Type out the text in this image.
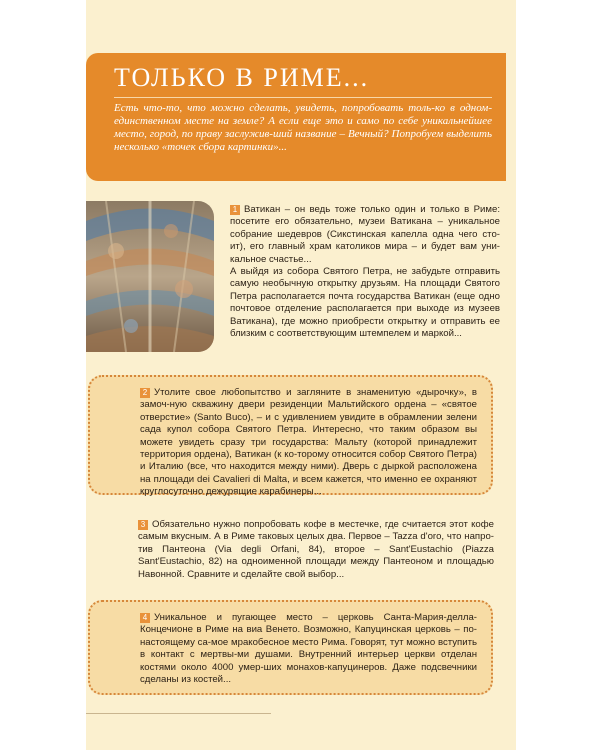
ТОЛЬКО В РИМЕ...

Есть что-то, что можно сделать, увидеть, попробовать толь-ко в одном-единственном месте на земле? А если еще это и само по себе уникальнейшее место, город, по праву заслужив-ший название – Вечный? Попробуем выделить несколько «точек сбора картинки»...

1 Ватикан – он ведь тоже только один и только в Риме: посетите его обязательно, музеи Ватикана – уникальное собрание шедевров (Сикстинская капелла одна чего сто-ит), его главный храм католиков мира – и будет вам уни-кальное счастье...

А выйдя из собора Святого Петра, не забудьте отправить самую необычную открытку друзьям. На площади Святого Петра располагается почта государства Ватикан (еще одно почтовое отделение располагается при выходе из музеев Ватикана), где можно приобрести открытку и отправить ее близким с соответствующим штемпелем и маркой...

2 Утолите свое любопытство и загляните в знаменитую «дырочку», в замоч-ную скважину двери резиденции Мальтийского ордена – «святое отверстие» (Santo Buco), – и с удивлением увидите в обрамлении зелени сада купол собора Святого Петра. Интересно, что таким образом вы можете увидеть сразу три государства: Мальту (которой принадлежит территория ордена), Ватикан (к ко-торому относится собор Святого Петра) и Италию (все, что находится между ними). Дверь с дыркой расположена на площади dei Cavalieri di Malta, и всем кажется, что именно ее охраняют круглосуточно дежурящие карабинеры...

3 Обязательно нужно попробовать кофе в местечке, где считается этот кофе самым вкусным. А в Риме таковых целых два. Первое – Tazza d'oro, что напро-тив Пантеона (Via degli Orfani, 84), второе – Sant'Eustachio (Piazza Sant'Eustachio, 82) на одноименной площади между Пантеоном и площадью Навонной. Сравните и сделайте свой выбор...

4 Уникальное и пугающее место – церковь Санта-Мария-делла-Концечионе в Риме на виа Венето. Возможно, Капуцинская церковь – по-настоящему са-мое мракобесное место Рима. Говорят, тут можно вступить в контакт с мертвы-ми душами. Внутренний интерьер церкви отделан костями около 4000 умер-ших монахов-капуцинеров. Даже подсвечники сделаны из костей...
